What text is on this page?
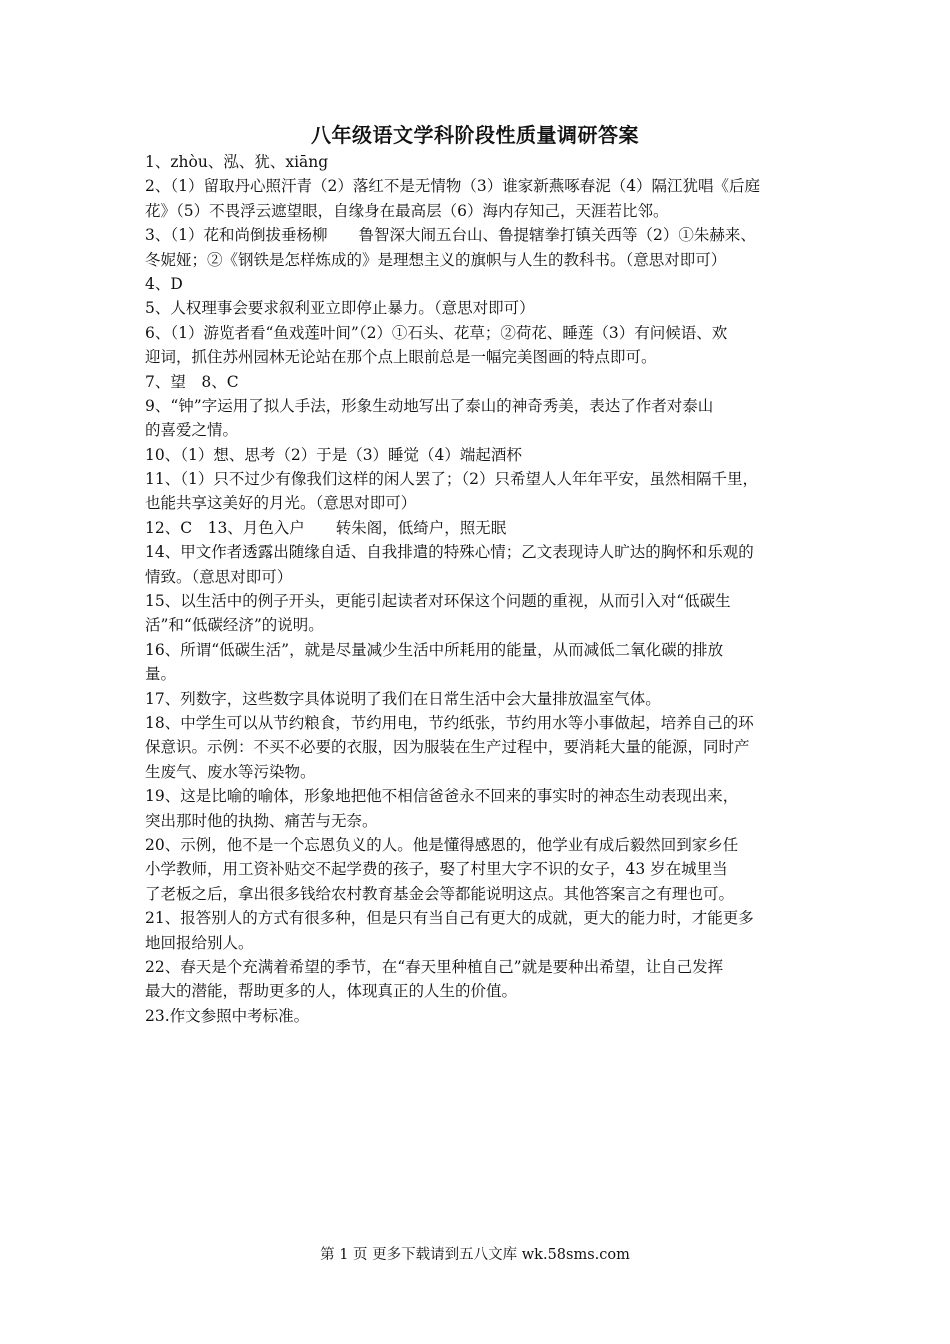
八年级语文学科阶段性质量调研答案
1、zhòu、泓、犹、xiāng
2、（1）留取丹心照汗青（2）落红不是无情物（3）谁家新燕啄春泥（4）隔江犹唱《后庭
花》（5）不畏浮云遮望眼，自缘身在最高层（6）海内存知己，天涯若比邻。
3、（1）花和尚倒拔垂杨柳　　鲁智深大闹五台山、鲁提辖拳打镇关西等（2）①朱赫来、
冬妮娅；②《钢铁是怎样炼成的》是理想主义的旗帜与人生的教科书。（意思对即可）
4、D
5、人权理事会要求叙利亚立即停止暴力。（意思对即可）
6、（1）游览者看“鱼戏莲叶间”（2）①石头、花草；②荷花、睡莲（3）有问候语、欢
迎词，抓住苏州园林无论站在那个点上眼前总是一幅完美图画的特点即可。
7、望　8、C
9、“钟”字运用了拟人手法，形象生动地写出了泰山的神奇秀美，表达了作者对泰山
的喜爱之情。
10、（1）想、思考（2）于是（3）睡觉（4）端起酒杯
11、（1）只不过少有像我们这样的闲人罢了；（2）只希望人人年年平安，虽然相隔千里，
也能共享这美好的月光。（意思对即可）
12、C　13、月色入户　　转朱阁，低绮户，照无眠
14、甲文作者透露出随缘自适、自我排遣的特殊心情；乙文表现诗人旷达的胸怀和乐观的
情致。（意思对即可）
15、以生活中的例子开头，更能引起读者对环保这个问题的重视，从而引入对“低碳生
活”和“低碳经济”的说明。
16、所谓“低碳生活”，就是尽量减少生活中所耗用的能量，从而减低二氧化碳的排放
量。
17、列数字，这些数字具体说明了我们在日常生活中会大量排放温室气体。
18、中学生可以从节约粮食，节约用电，节约纸张，节约用水等小事做起，培养自己的环
保意识。示例：不买不必要的衣服，因为服装在生产过程中，要消耗大量的能源，同时产
生废气、废水等污染物。
19、这是比喻的喻体，形象地把他不相信爸爸永不回来的事实时的神态生动表现出来，
突出那时他的执拗、痛苦与无奈。
20、示例，他不是一个忘恩负义的人。他是懂得感恩的，他学业有成后毅然回到家乡任
小学教师，用工资补贴交不起学费的孩子，娶了村里大字不识的女子，43 岁在城里当
了老板之后，拿出很多钱给农村教育基金会等都能说明这点。其他答案言之有理也可。
21、报答别人的方式有很多种，但是只有当自己有更大的成就，更大的能力时，才能更多
地回报给别人。
22、春天是个充满着希望的季节，在“春天里种植自己”就是要种出希望，让自己发挥
最大的潜能，帮助更多的人，体现真正的人生的价值。
23.作文参照中考标准。
第 1 页 更多下载请到五八文库 wk.58sms.com
